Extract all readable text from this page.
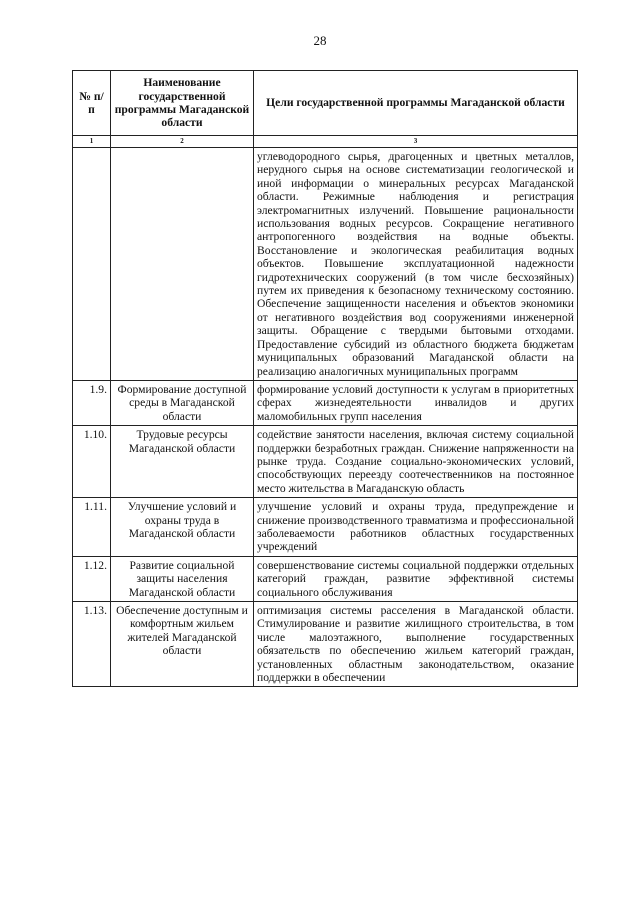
28
№ п/п	Наименование государственной программы Магаданской области	Цели государственной программы Магаданской области
1	2	3
		углеводородного сырья, драгоценных и цветных металлов, нерудного сырья на основе систематизации геологической и иной информации о минеральных ресурсах Магаданской области. Режимные наблюдения и регистрация электромагнитных излучений. Повышение рациональности использования водных ресурсов. Сокращение негативного антропогенного воздействия на водные объекты. Восстановление и экологическая реабилитация водных объектов. Повышение эксплуатационной надежности гидротехнических сооружений (в том числе бесхозяйных) путем их приведения к безопасному техническому состоянию. Обеспечение защищенности населения и объектов экономики от негативного воздействия вод сооружениями инженерной защиты. Обращение с твердыми бытовыми отходами. Предоставление субсидий из областного бюджета бюджетам муниципальных образований Магаданской области на реализацию аналогичных муниципальных программ
1.9.	Формирование доступной среды в Магаданской области	формирование условий доступности к услугам в приоритетных сферах жизнедеятельности инвалидов и других маломобильных групп населения
1.10.	Трудовые ресурсы Магаданской области	содействие занятости населения, включая систему социальной поддержки безработных граждан. Снижение напряженности на рынке труда. Создание социально-экономических условий, способствующих переезду соотечественников на постоянное место жительства в Магаданскую область
1.11.	Улучшение условий и охраны труда в Магаданской области	улучшение условий и охраны труда, предупреждение и снижение производственного травматизма и профессиональной заболеваемости работников областных государственных учреждений
1.12.	Развитие социальной защиты населения Магаданской области	совершенствование системы социальной поддержки отдельных категорий граждан, развитие эффективной системы социального обслуживания
1.13.	Обеспечение доступным и комфортным жильем жителей Магаданской области	оптимизация системы расселения в Магаданской области. Стимулирование и развитие жилищного строительства, в том числе малоэтажного, выполнение государственных обязательств по обеспечению жильем категорий граждан, установленных областным законодательством, оказание поддержки в обеспечении
